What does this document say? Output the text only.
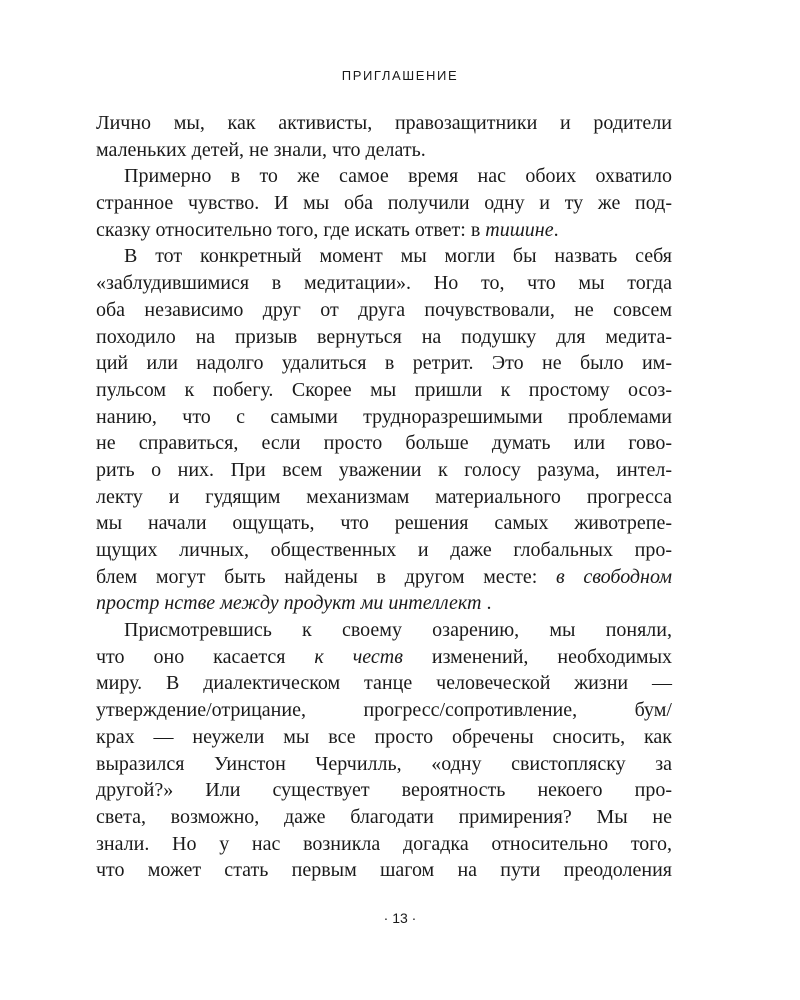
ПРИГЛАШЕНИЕ
Лично мы, как активисты, правозащитники и родители
маленьких детей, не знали, что делать.
Примерно в то же самое время нас обоих охватило
странное чувство. И мы оба получили одну и ту же под-
сказку относительно того, где искать ответ: в тишине.
В тот конкретный момент мы могли бы назвать себя
«заблудившимися в медитации». Но то, что мы тогда
оба независимо друг от друга почувствовали, не совсем
походило на призыв вернуться на подушку для медита-
ций или надолго удалиться в ретрит. Это не было им-
пульсом к побегу. Скорее мы пришли к простому осоз-
нанию, что с самыми трудноразрешимыми проблемами
не справиться, если просто больше думать или гово-
рить о них. При всем уважении к голосу разума, интел-
лекту и гудящим механизмам материального прогресса
мы начали ощущать, что решения самых животрепе-
щущих личных, общественных и даже глобальных про-
блем могут быть найдены в другом месте: в свободном
простр нстве между продукт ми интеллект .
Присмотревшись к своему озарению, мы поняли,
что оно касается к честв изменений, необходимых
миру. В диалектическом танце человеческой жизни —
утверждение/отрицание, прогресс/сопротивление, бум/
крах — неужели мы все просто обречены сносить, как
выразился Уинстон Черчилль, «одну свистопляску за
другой?» Или существует вероятность некоего про-
света, возможно, даже благодати примирения? Мы не
знали. Но у нас возникла догадка относительно того,
что может стать первым шагом на пути преодоления
· 13 ·
